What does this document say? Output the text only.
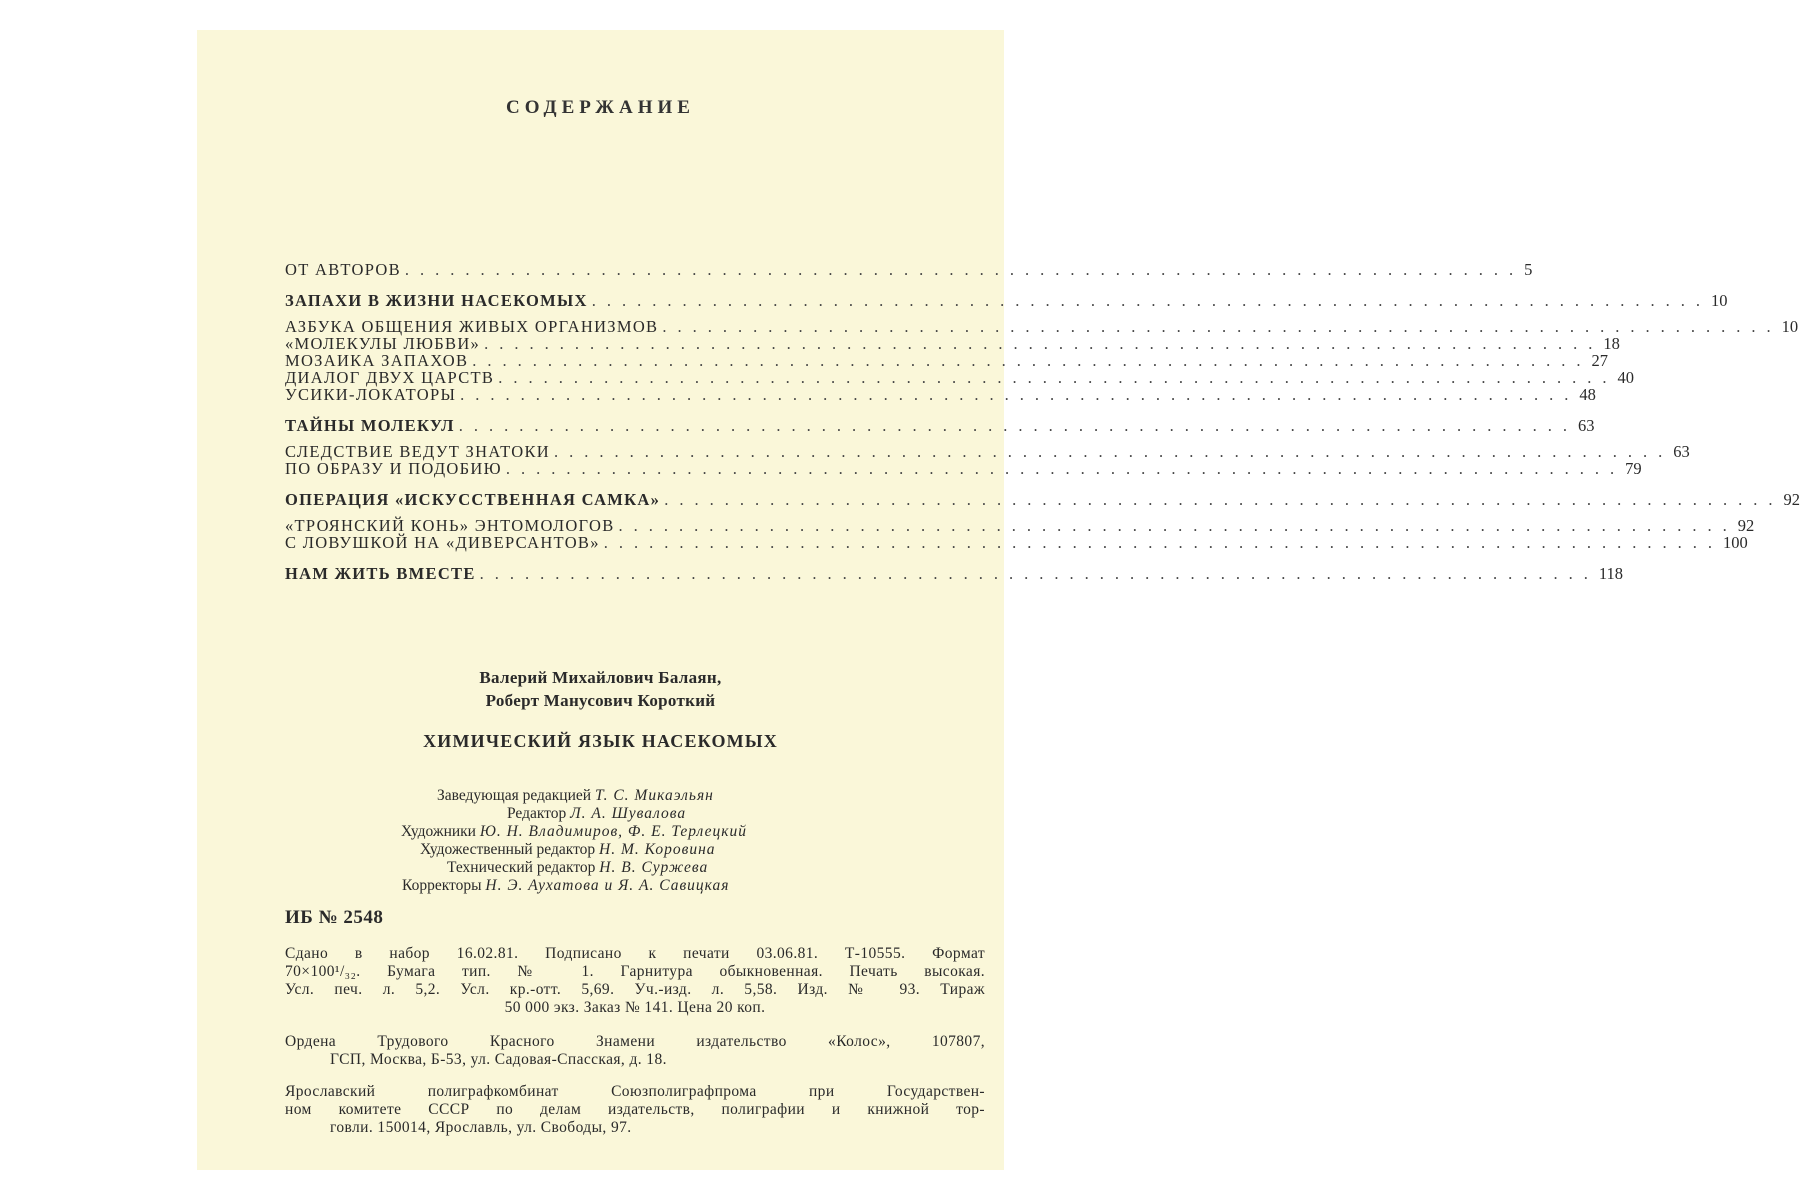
СОДЕРЖАНИЕ
ОТ АВТОРОВ .......................................................................... 5
ЗАПАХИ В ЖИЗНИ НАСЕКОМЫХ .......................................................................... 10
АЗБУКА ОБЩЕНИЯ ЖИВЫХ ОРГАНИЗМОВ .......................................................................... 10
«МОЛЕКУЛЫ ЛЮБВИ» .......................................................................... 18
МОЗАИКА ЗАПАХОВ .......................................................................... 27
ДИАЛОГ ДВУХ ЦАРСТВ .......................................................................... 40
УСИКИ-ЛОКАТОРЫ .......................................................................... 48
ТАЙНЫ МОЛЕКУЛ .......................................................................... 63
СЛЕДСТВИЕ ВЕДУТ ЗНАТОКИ .......................................................................... 63
ПО ОБРАЗУ И ПОДОБИЮ .......................................................................... 79
ОПЕРАЦИЯ «ИСКУССТВЕННАЯ САМКА» .......................................................................... 92
«ТРОЯНСКИЙ КОНЬ» ЭНТОМОЛОГОВ .......................................................................... 92
С ЛОВУШКОЙ НА «ДИВЕРСАНТОВ» .......................................................................... 100
НАМ ЖИТЬ ВМЕСТЕ .......................................................................... 118
Валерий Михайлович Балаян,
Роберт Манусович Короткий
ХИМИЧЕСКИЙ ЯЗЫК НАСЕКОМЫХ
Заведующая редакцией Т. С. Микаэльян
Редактор Л. А. Шувалова
Художники Ю. Н. Владимиров, Ф. Е. Терлецкий
Художественный редактор Н. М. Коровина
Технический редактор Н. В. Суржева
Корректоры Н. Э. Аухатова и Я. А. Савицкая
ИБ № 2548
Сдано в набор 16.02.81. Подписано к печати 03.06.81. Т-10555. Формат
70×100¹/₃₂. Бумага тип. № 1. Гарнитура обыкновенная. Печать высокая.
Усл. печ. л. 5,2. Усл. кр.-отт. 5,69. Уч.-изд. л. 5,58. Изд. № 93. Тираж
50 000 экз. Заказ № 141. Цена 20 коп.
Ордена Трудового Красного Знамени издательство «Колос», 107807,
ГСП, Москва, Б-53, ул. Садовая-Спасская, д. 18.
Ярославский полиграфкомбинат Союзполиграфпрома при Государствен-
ном комитете СССР по делам издательств, полиграфии и книжной тор-
говли. 150014, Ярославль, ул. Свободы, 97.
